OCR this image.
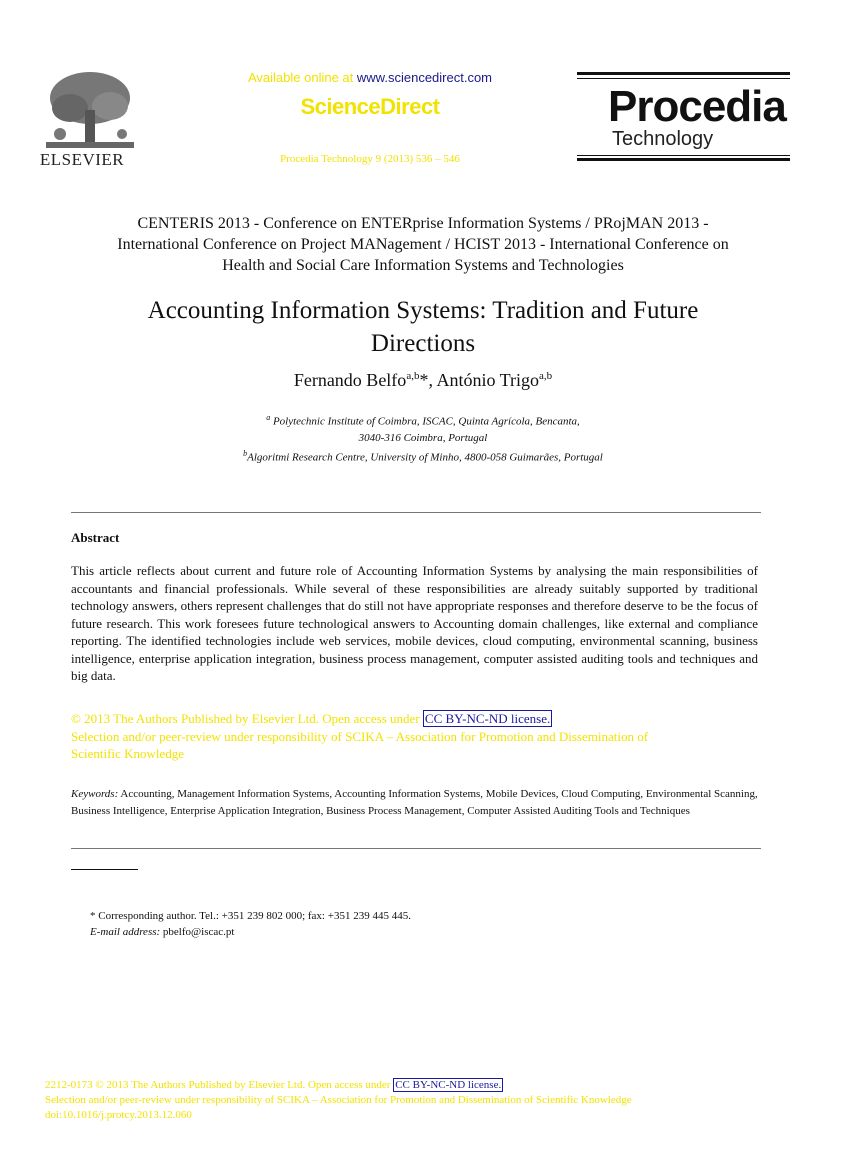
ELSEVIER
Available online at www.sciencedirect.com
ScienceDirect
Procedia Technology 9 (2013) 536 – 546
Procedia
Technology
CENTERIS 2013 - Conference on ENTERprise Information Systems / PRojMAN 2013 -
International Conference on Project MANagement / HCIST 2013 - International Conference on
Health and Social Care Information Systems and Technologies
Accounting Information Systems: Tradition and Future
Directions
Fernando Belfo$^{a,b}$*, António Trigo$^{a,b}$
$^a$ Polytechnic Institute of Coimbra, ISCAC, Quinta Agrícola, Bencanta,
3040-316 Coimbra, Portugal
$^b$Algoritmi Research Centre, University of Minho, 4800-058 Guimarães, Portugal
Abstract
This article reflects about current and future role of Accounting Information Systems by analysing the main responsibilities of accountants and financial professionals. While several of these responsibilities are already suitably supported by traditional technology answers, others represent challenges that do still not have appropriate responses and therefore deserve to be the focus of future research. This work foresees future technological answers to Accounting domain challenges, like external and compliance reporting. The identified technologies include web services, mobile devices, cloud computing, environmental scanning, business intelligence, enterprise application integration, business process management, computer assisted auditing tools and techniques and big data.
© 2013 The Authors Published by Elsevier Ltd. Open access under CC BY-NC-ND license.
Selection and/or peer-review under responsibility of SCIKA – Association for Promotion and Dissemination of
Scientific Knowledge
Keywords: Accounting, Management Information Systems, Accounting Information Systems, Mobile Devices, Cloud Computing, Environmental Scanning, Business Intelligence, Enterprise Application Integration, Business Process Management, Computer Assisted Auditing Tools and Techniques
* Corresponding author. Tel.: +351 239 802 000; fax: +351 239 445 445.
E-mail address: pbelfo@iscac.pt
2212-0173 © 2013 The Authors Published by Elsevier Ltd. Open access under CC BY-NC-ND license.
Selection and/or peer-review under responsibility of SCIKA – Association for Promotion and Dissemination of Scientific Knowledge
doi:10.1016/j.protcy.2013.12.060
